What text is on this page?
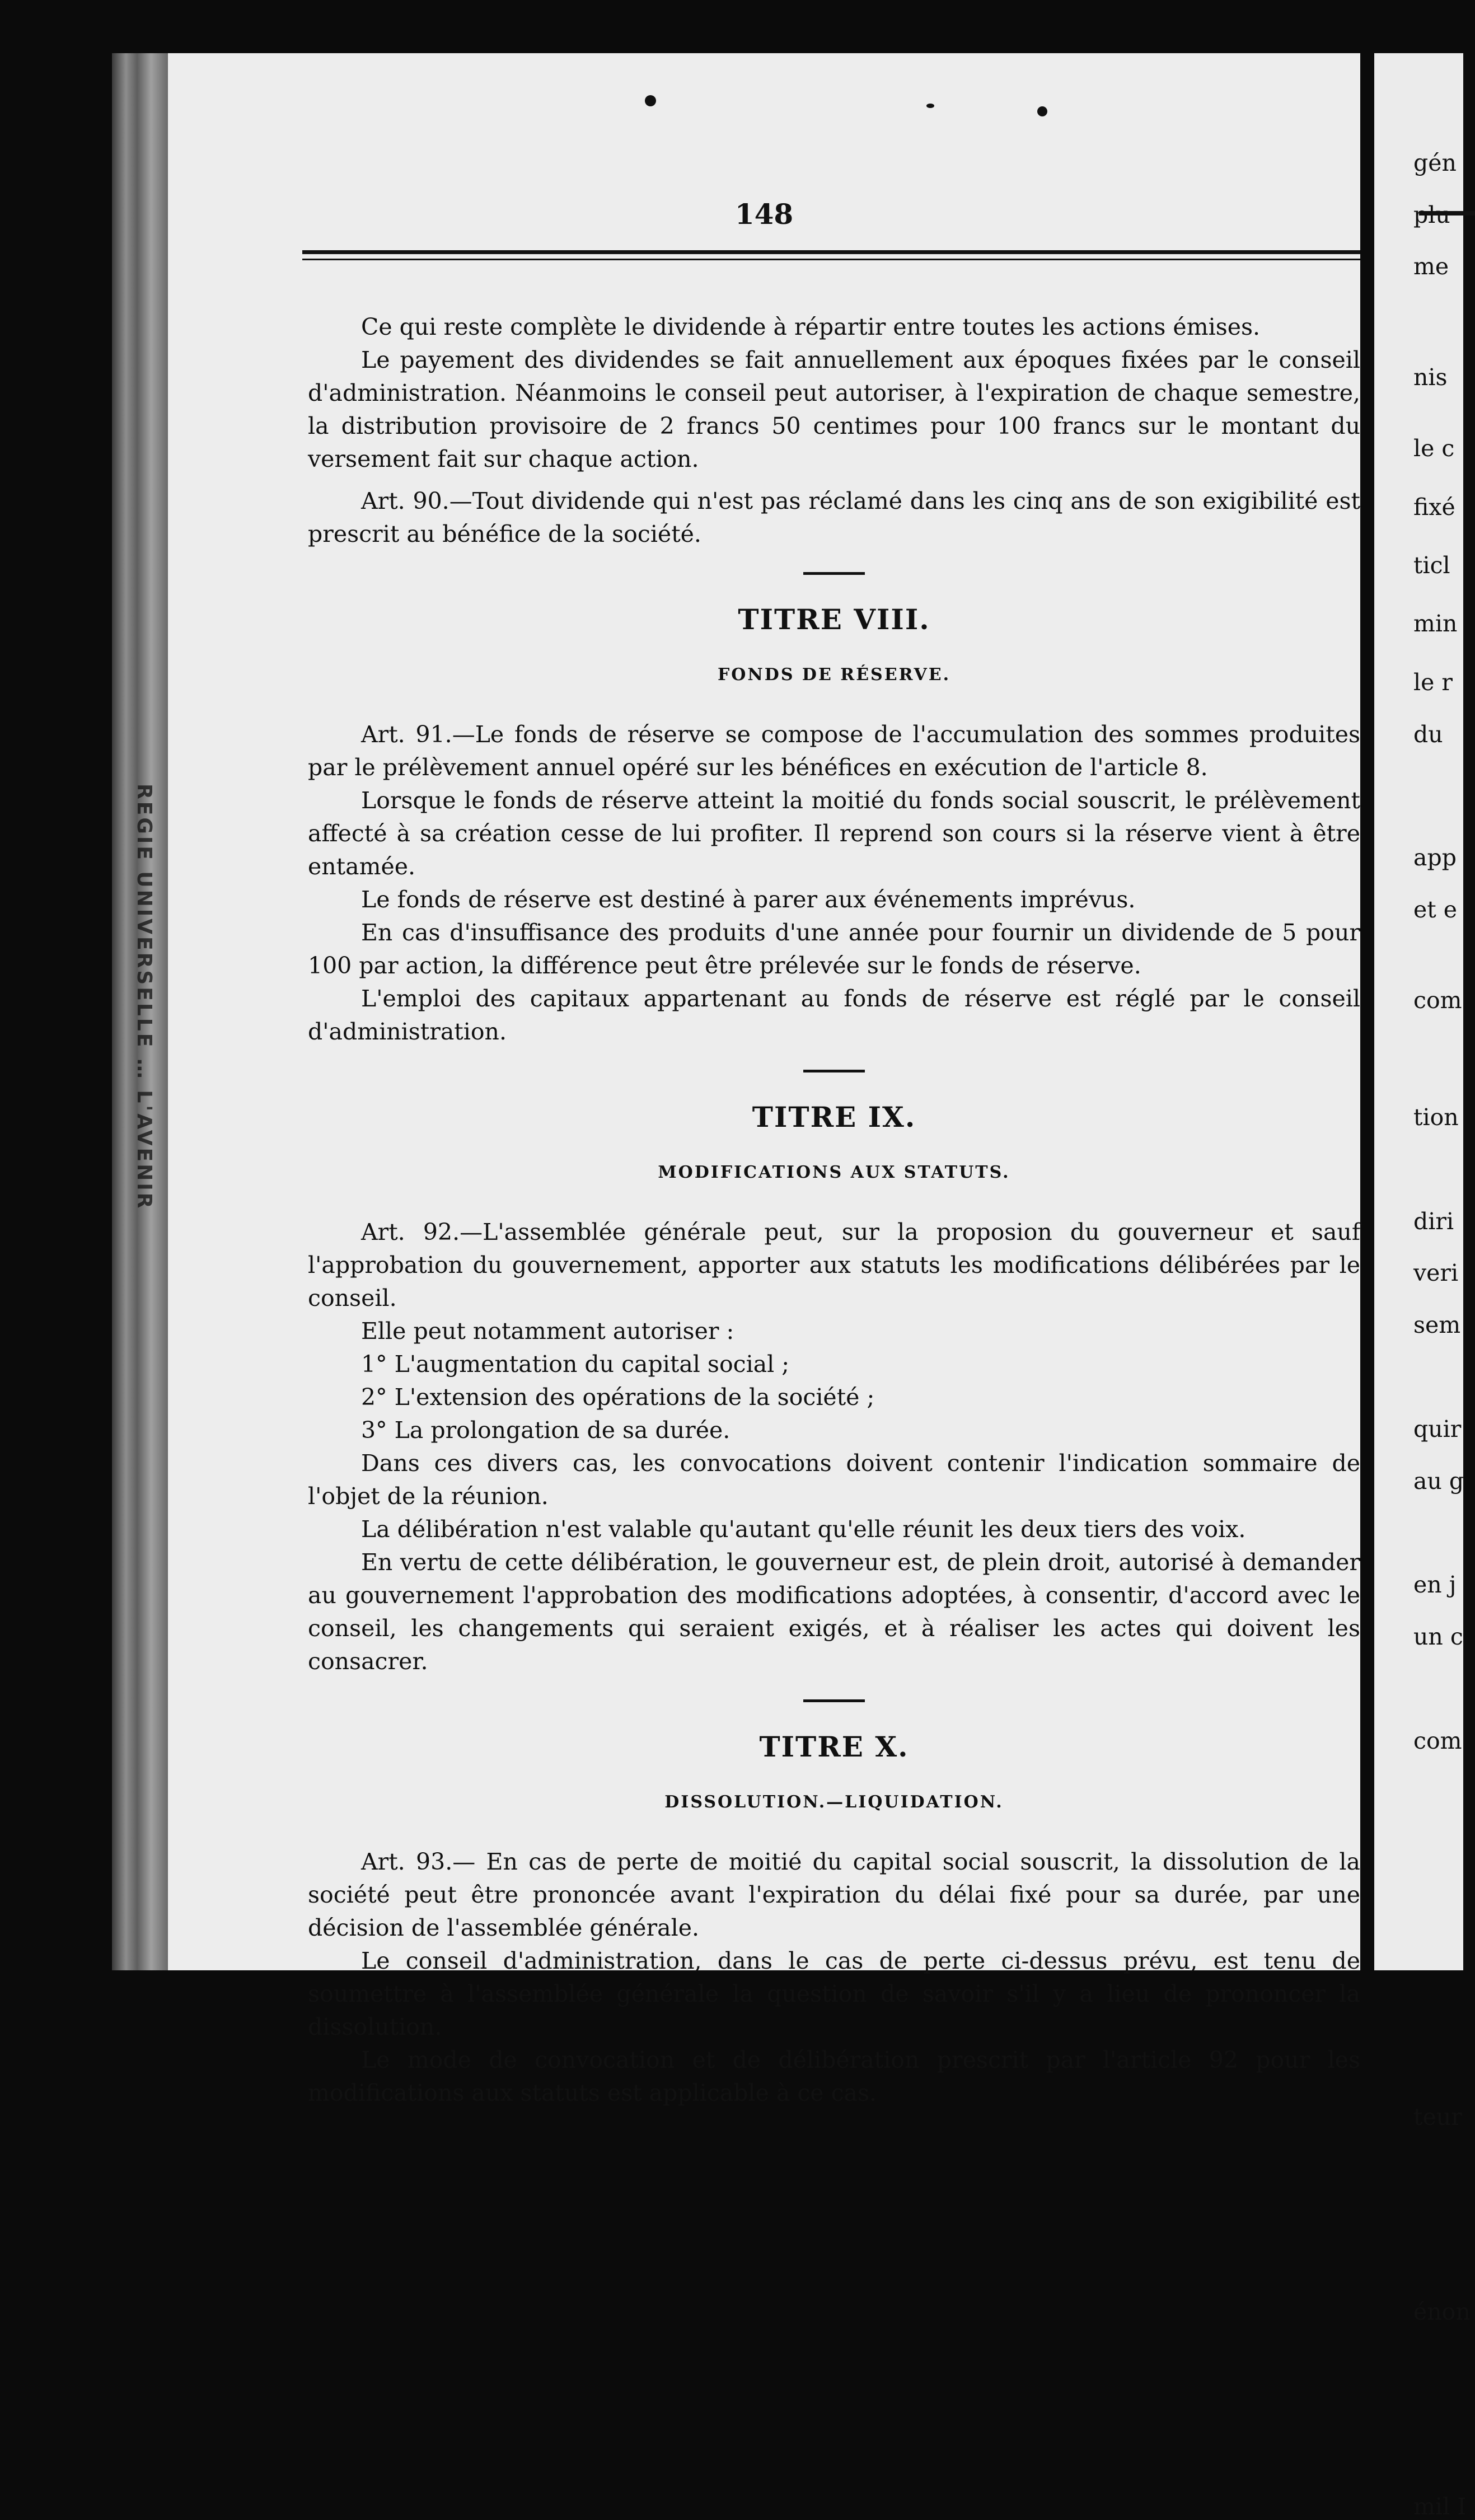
REGIE UNIVERSELLE … L'AVENIR
148

Ce qui reste complète le dividende à répartir entre toutes les actions émises.

Le payement des dividendes se fait annuellement aux époques fixées par le conseil d'administration. Néanmoins le conseil peut autoriser, à l'expiration de chaque semestre, la distribution provisoire de 2 francs 50 centimes pour 100 francs sur le montant du versement fait sur chaque action.

Art. 90.—Tout dividende qui n'est pas réclamé dans les cinq ans de son exigibilité est prescrit au bénéfice de la société.

TITRE VIII.

FONDS DE RÉSERVE.

Art. 91.—Le fonds de réserve se compose de l'accumulation des sommes produites par le prélèvement annuel opéré sur les bénéfices en exécution de l'article 8.

Lorsque le fonds de réserve atteint la moitié du fonds social souscrit, le prélèvement affecté à sa création cesse de lui profiter. Il reprend son cours si la réserve vient à être entamée.

Le fonds de réserve est destiné à parer aux événements imprévus.

En cas d'insuffisance des produits d'une année pour fournir un dividende de 5 pour 100 par action, la différence peut être prélevée sur le fonds de réserve.

L'emploi des capitaux appartenant au fonds de réserve est réglé par le conseil d'administration.

TITRE IX.

MODIFICATIONS AUX STATUTS.

Art. 92.—L'assemblée générale peut, sur la proposion du gouverneur et sauf l'approbation du gouvernement, apporter aux statuts les modifications délibérées par le conseil.

Elle peut notamment autoriser :

1° L'augmentation du capital social ;

2° L'extension des opérations de la société ;

3° La prolongation de sa durée.

Dans ces divers cas, les convocations doivent contenir l'indication sommaire de l'objet de la réunion.

La délibération n'est valable qu'autant qu'elle réunit les deux tiers des voix.

En vertu de cette délibération, le gouverneur est, de plein droit, autorisé à demander au gouvernement l'approbation des modifications adoptées, à consentir, d'accord avec le conseil, les changements qui seraient exigés, et à réaliser les actes qui doivent les consacrer.

TITRE X.

DISSOLUTION.—LIQUIDATION.

Art. 93.— En cas de perte de moitié du capital social souscrit, la dissolution de la société peut être prononcée avant l'expiration du délai fixé pour sa durée, par une décision de l'assemblée générale.

Le conseil d'administration, dans le cas de perte ci-dessus prévu, est tenu de soumettre à l'assemblée générale la question de savoir s'il y a lieu de prononcer la dissolution.

Le mode de convocation et de délibération prescrit par l'article 92 pour les modifications aux statuts est applicable à ce cas.

gén
plu
me
nis
le c
fixé
ticl
min
le r
du
app
et e
com
tion
diri
veri
sem
quir
au g
en j
un c
com
teur
énon
mil I
